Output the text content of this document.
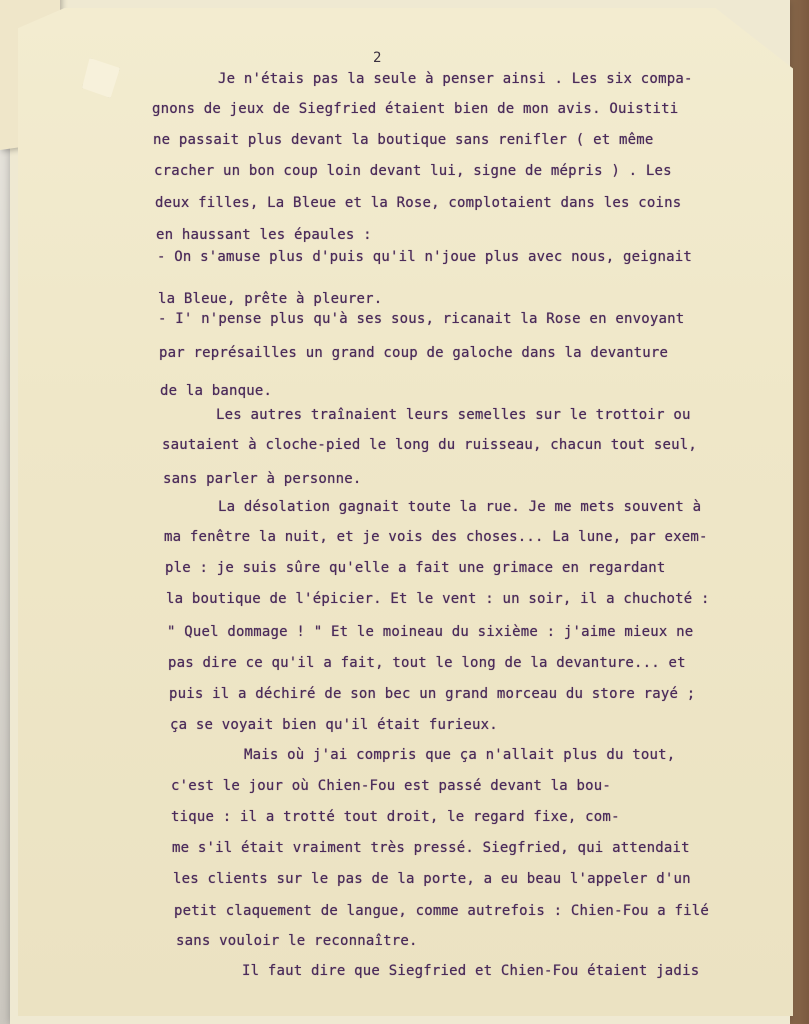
2
Je n'étais pas la seule à penser ainsi . Les six compa-
gnons de jeux de Siegfried étaient bien de mon avis. Ouistiti
ne passait plus devant la boutique sans renifler ( et même
cracher un bon coup loin devant lui, signe de mépris ) . Les
deux filles, La Bleue et la Rose, complotaient dans les coins
en haussant les épaules :
- On s'amuse plus d'puis qu'il n'joue plus avec nous, geignait
la Bleue, prête à pleurer.
- I' n'pense plus qu'à ses sous, ricanait la Rose en envoyant
par représailles un grand coup de galoche dans la devanture
de la banque.
Les autres traînaient leurs semelles sur le trottoir ou
sautaient à cloche-pied le long du ruisseau, chacun tout seul,
sans parler à personne.
La désolation gagnait toute la rue. Je me mets souvent à
ma fenêtre la nuit, et je vois des choses... La lune, par exem-
ple : je suis sûre qu'elle a fait une grimace en regardant
la boutique de l'épicier. Et le vent : un soir, il a chuchoté :
" Quel dommage ! " Et le moineau du sixième : j'aime mieux ne
pas dire ce qu'il a fait, tout le long de la devanture... et
puis il a déchiré de son bec un grand morceau du store rayé ;
ça se voyait bien qu'il était furieux.
Mais où j'ai compris que ça n'allait plus du tout,
c'est le jour où Chien-Fou est passé devant la bou-
tique : il a trotté tout droit, le regard fixe, com-
me s'il était vraiment très pressé. Siegfried, qui attendait
les clients sur le pas de la porte, a eu beau l'appeler d'un
petit claquement de langue, comme autrefois : Chien-Fou a filé
sans vouloir le reconnaître.
Il faut dire que Siegfried et Chien-Fou étaient jadis
